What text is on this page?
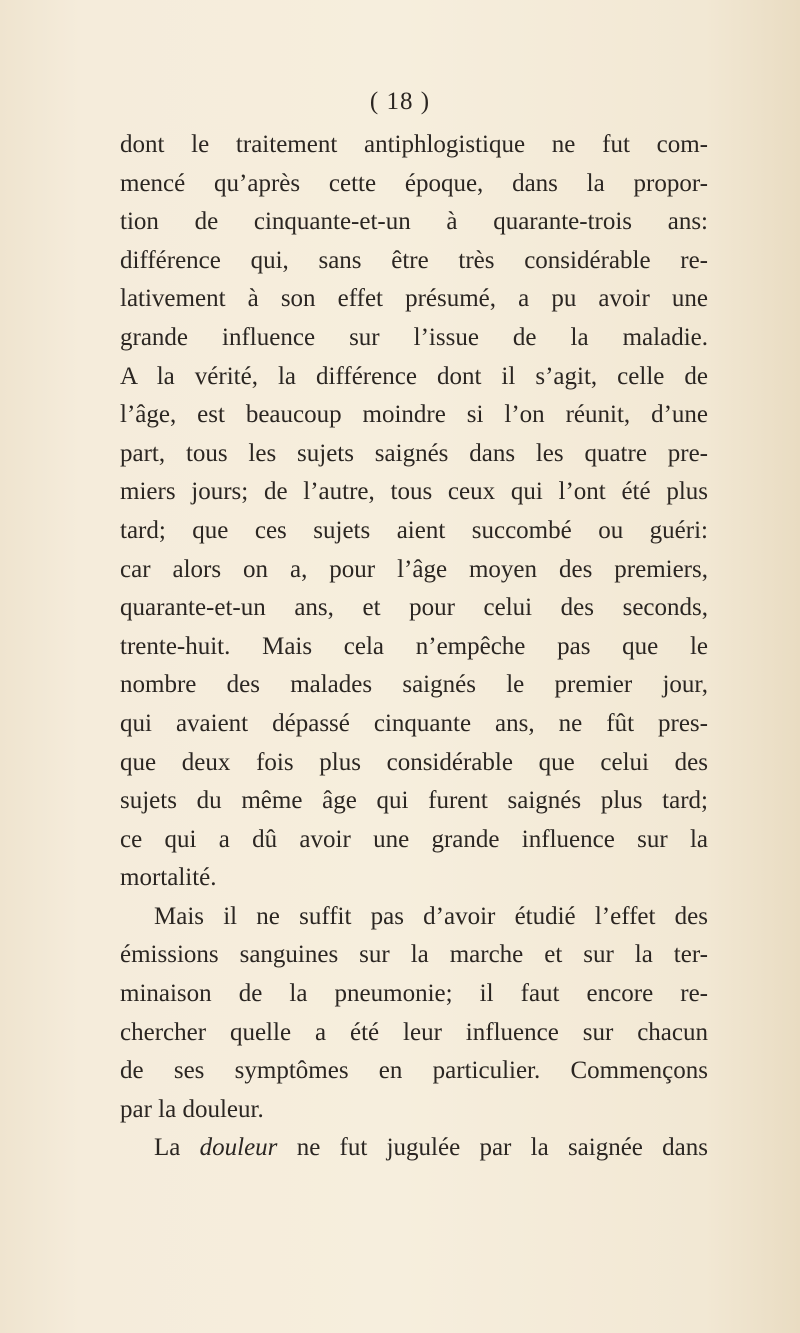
( 18 )
dont le traitement antiphlogistique ne fut com-
mencé qu’après cette époque, dans la propor-
tion de cinquante-et-un à quarante-trois ans:
différence qui, sans être très considérable re-
lativement à son effet présumé, a pu avoir une
grande influence sur l’issue de la maladie.
A la vérité, la différence dont il s’agit, celle de
l’âge, est beaucoup moindre si l’on réunit, d’une
part, tous les sujets saignés dans les quatre pre-
miers jours; de l’autre, tous ceux qui l’ont été plus
tard; que ces sujets aient succombé ou guéri:
car alors on a, pour l’âge moyen des premiers,
quarante-et-un ans, et pour celui des seconds,
trente-huit. Mais cela n’empêche pas que le
nombre des malades saignés le premier jour,
qui avaient dépassé cinquante ans, ne fût pres-
que deux fois plus considérable que celui des
sujets du même âge qui furent saignés plus tard;
ce qui a dû avoir une grande influence sur la
mortalité.
Mais il ne suffit pas d’avoir étudié l’effet des
émissions sanguines sur la marche et sur la ter-
minaison de la pneumonie; il faut encore re-
chercher quelle a été leur influence sur chacun
de ses symptômes en particulier. Commençons
par la douleur.
La douleur ne fut jugulée par la saignée dans
